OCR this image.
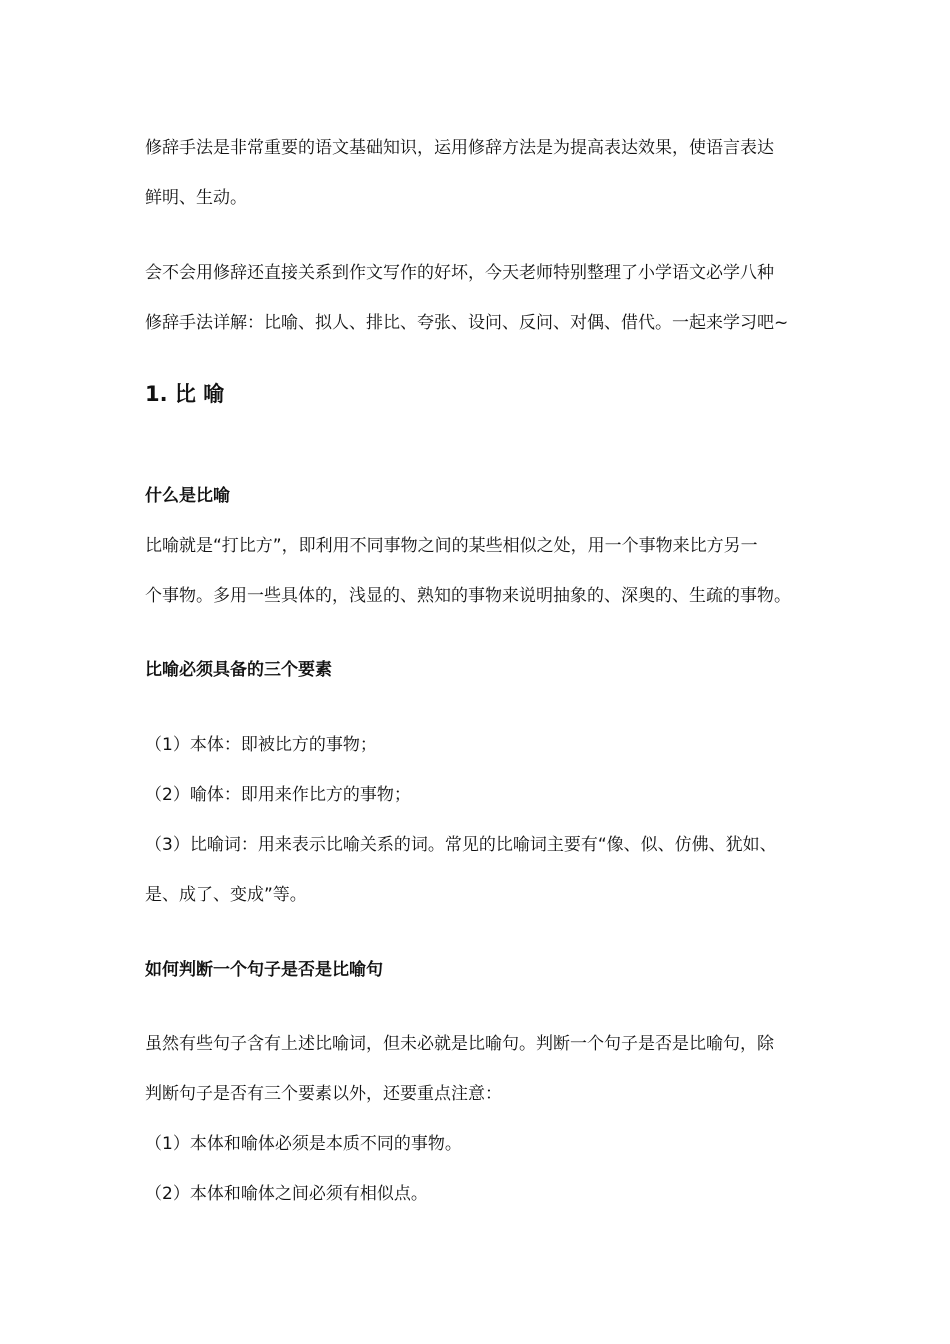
修辞手法是非常重要的语文基础知识，运用修辞方法是为提高表达效果，使语言表达
鲜明、生动。
会不会用修辞还直接关系到作文写作的好坏，今天老师特别整理了小学语文必学八种
修辞手法详解：比喻、拟人、排比、夸张、设问、反问、对偶、借代。一起来学习吧~
1. 比 喻
什么是比喻
比喻就是“打比方”，即利用不同事物之间的某些相似之处，用一个事物来比方另一
个事物。多用一些具体的，浅显的、熟知的事物来说明抽象的、深奥的、生疏的事物。
比喻必须具备的三个要素
（1）本体：即被比方的事物；
（2）喻体：即用来作比方的事物；
（3）比喻词：用来表示比喻关系的词。常见的比喻词主要有“像、似、仿佛、犹如、
是、成了、变成”等。
如何判断一个句子是否是比喻句
虽然有些句子含有上述比喻词，但未必就是比喻句。判断一个句子是否是比喻句，除
判断句子是否有三个要素以外，还要重点注意：
（1）本体和喻体必须是本质不同的事物。
（2）本体和喻体之间必须有相似点。
